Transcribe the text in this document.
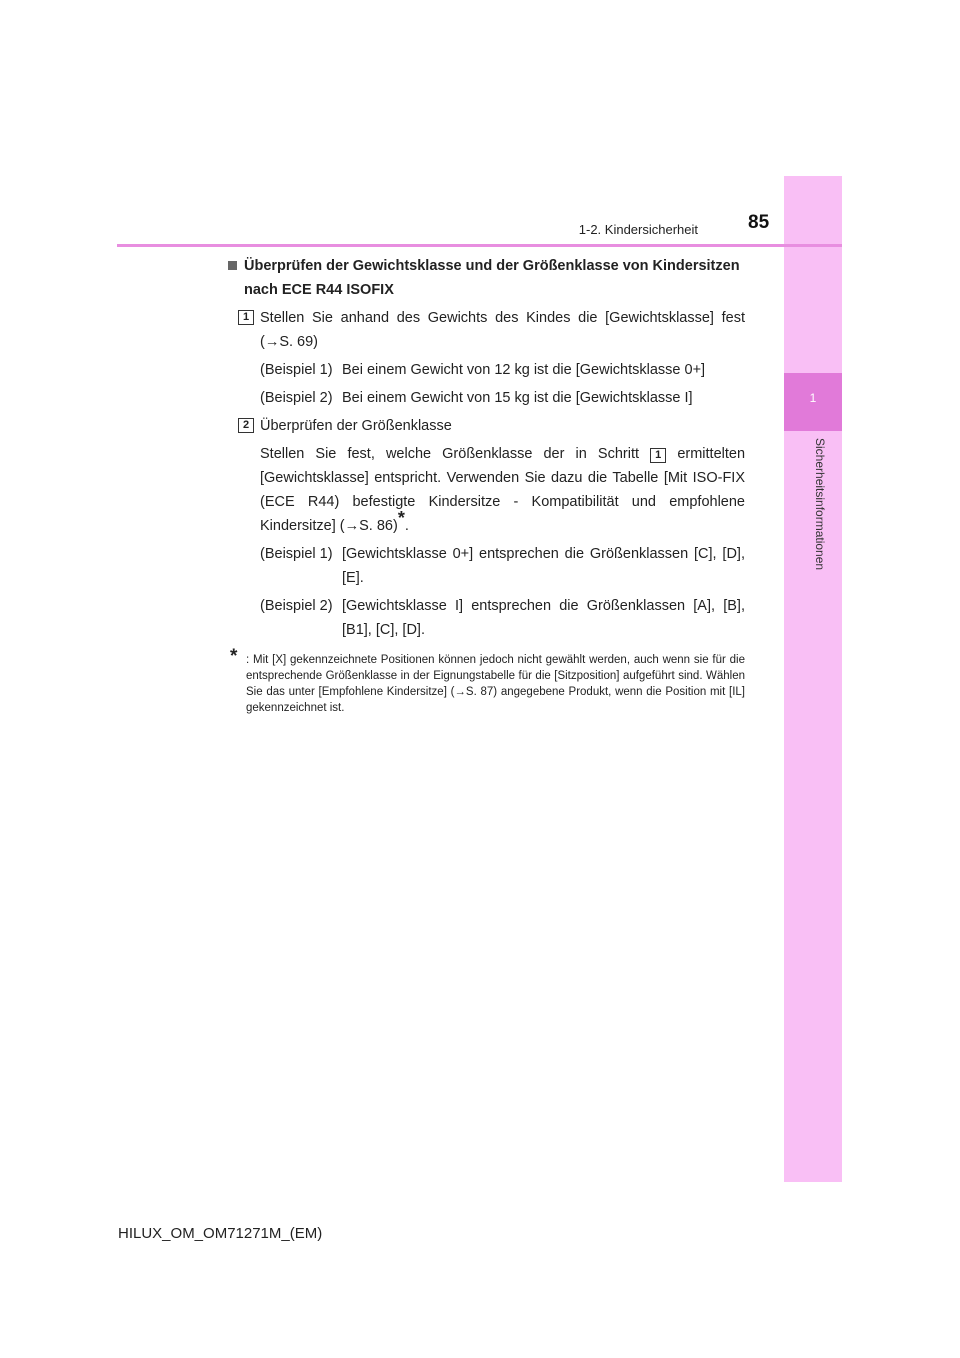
1
Sicherheitsinformationen
1-2. Kindersicherheit	85
Überprüfen der Gewichtsklasse und der Größenklasse von Kindersitzen nach ECE R44 ISOFIX
1 Stellen Sie anhand des Gewichts des Kindes die [Gewichtsklasse] fest (→S. 69)

(Beispiel 1) Bei einem Gewicht von 12 kg ist die [Gewichtsklasse 0+]
(Beispiel 2) Bei einem Gewicht von 15 kg ist die [Gewichtsklasse I]
2 Überprüfen der Größenklasse

Stellen Sie fest, welche Größenklasse der in Schritt 1 ermittelten [Gewichtsklasse] entspricht. Verwenden Sie dazu die Tabelle [Mit ISO-FIX (ECE R44) befestigte Kindersitze - Kompatibilität und empfohlene Kindersitze] (→S. 86)*.

(Beispiel 1) [Gewichtsklasse 0+] entsprechen die Größenklassen [C], [D], [E].
(Beispiel 2) [Gewichtsklasse I] entsprechen die Größenklassen [A], [B], [B1], [C], [D].
* : Mit [X] gekennzeichnete Positionen können jedoch nicht gewählt werden, auch wenn sie für die entsprechende Größenklasse in der Eignungstabelle für die [Sitzposition] aufgeführt sind. Wählen Sie das unter [Empfohlene Kindersitze] (→S. 87) angegebene Produkt, wenn die Position mit [IL] gekennzeichnet ist.
HILUX_OM_OM71271M_(EM)
